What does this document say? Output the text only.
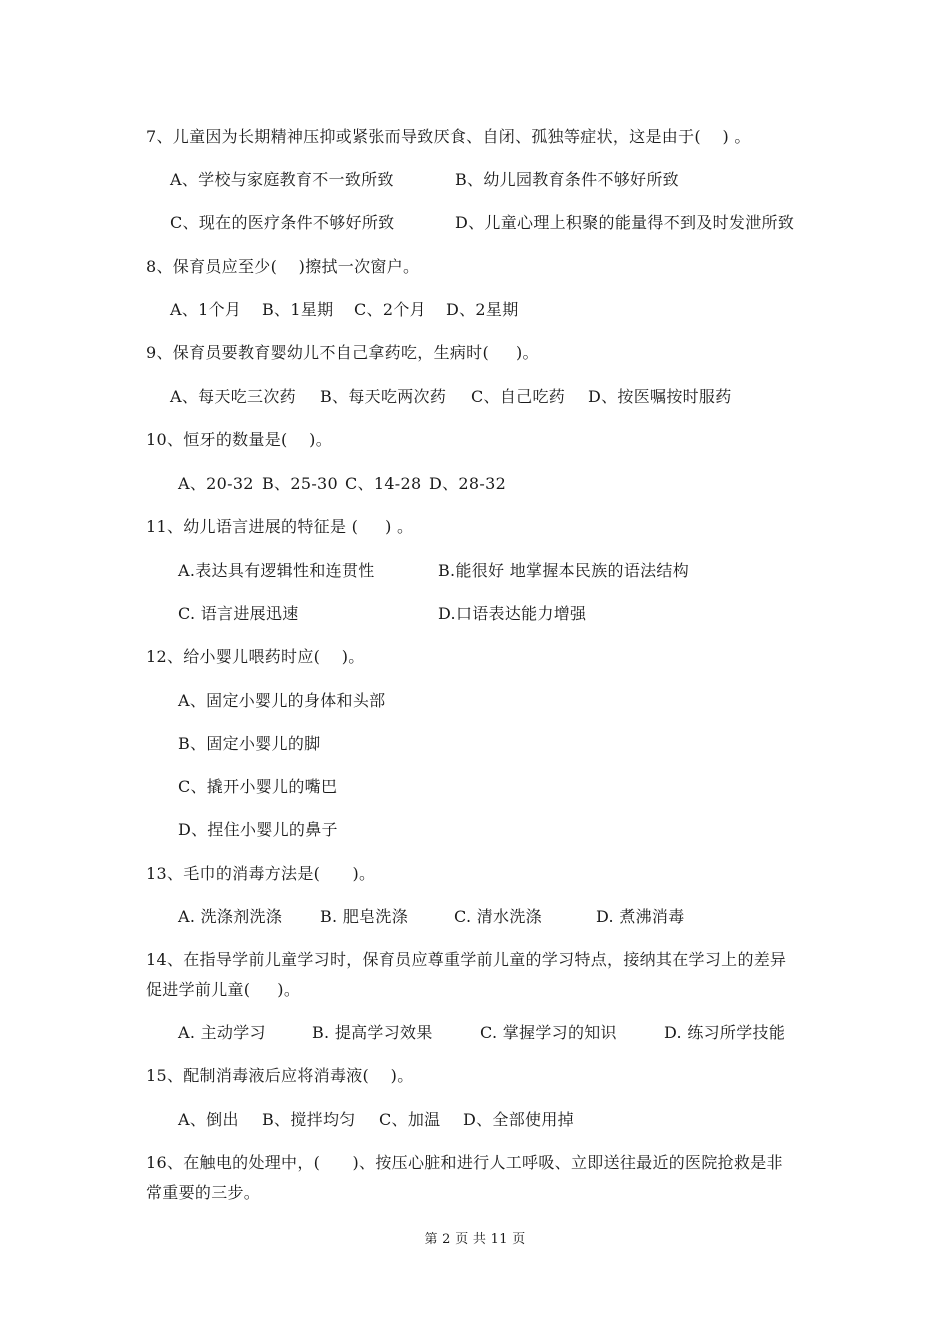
7、儿童因为长期精神压抑或紧张而导致厌食、自闭、孤独等症状，这是由于(    ) 。
A、学校与家庭教育不一致所致	B、幼儿园教育条件不够好所致
C、现在的医疗条件不够好所致	D、儿童心理上积聚的能量得不到及时发泄所致
8、保育员应至少(    )擦拭一次窗户。
A、1个月 B、1星期 C、2个月 D、2星期
9、保育员要教育婴幼儿不自己拿药吃，生病时(     )。
A、每天吃三次药 B、每天吃两次药 C、自己吃药 D、按医嘱按时服药
10、恒牙的数量是(    )。
A、20-32 B、25-30 C、14-28 D、28-32
11、幼儿语言进展的特征是 (     ) 。
A.表达具有逻辑性和连贯性	B.能很好 地掌握本民族的语法结构
C. 语言进展迅速	D.口语表达能力增强
12、给小婴儿喂药时应(    )。
A、固定小婴儿的身体和头部
B、固定小婴儿的脚
C、撬开小婴儿的嘴巴
D、捏住小婴儿的鼻子
13、毛巾的消毒方法是(      )。
A. 洗涤剂洗涤 B. 肥皂洗涤	C. 清水洗涤	D. 煮沸消毒
14、在指导学前儿童学习时，保育员应尊重学前儿童的学习特点，接纳其在学习上的差异
促进学前儿童(     )。
A. 主动学习	B. 提高学习效果	C. 掌握学习的知识	D. 练习所学技能
15、配制消毒液后应将消毒液(    )。
A、倒出 B、搅拌均匀 C、加温 D、全部使用掉
16、在触电的处理中，(      )、按压心脏和进行人工呼吸、立即送往最近的医院抢救是非
常重要的三步。
第 2 页 共 11 页
